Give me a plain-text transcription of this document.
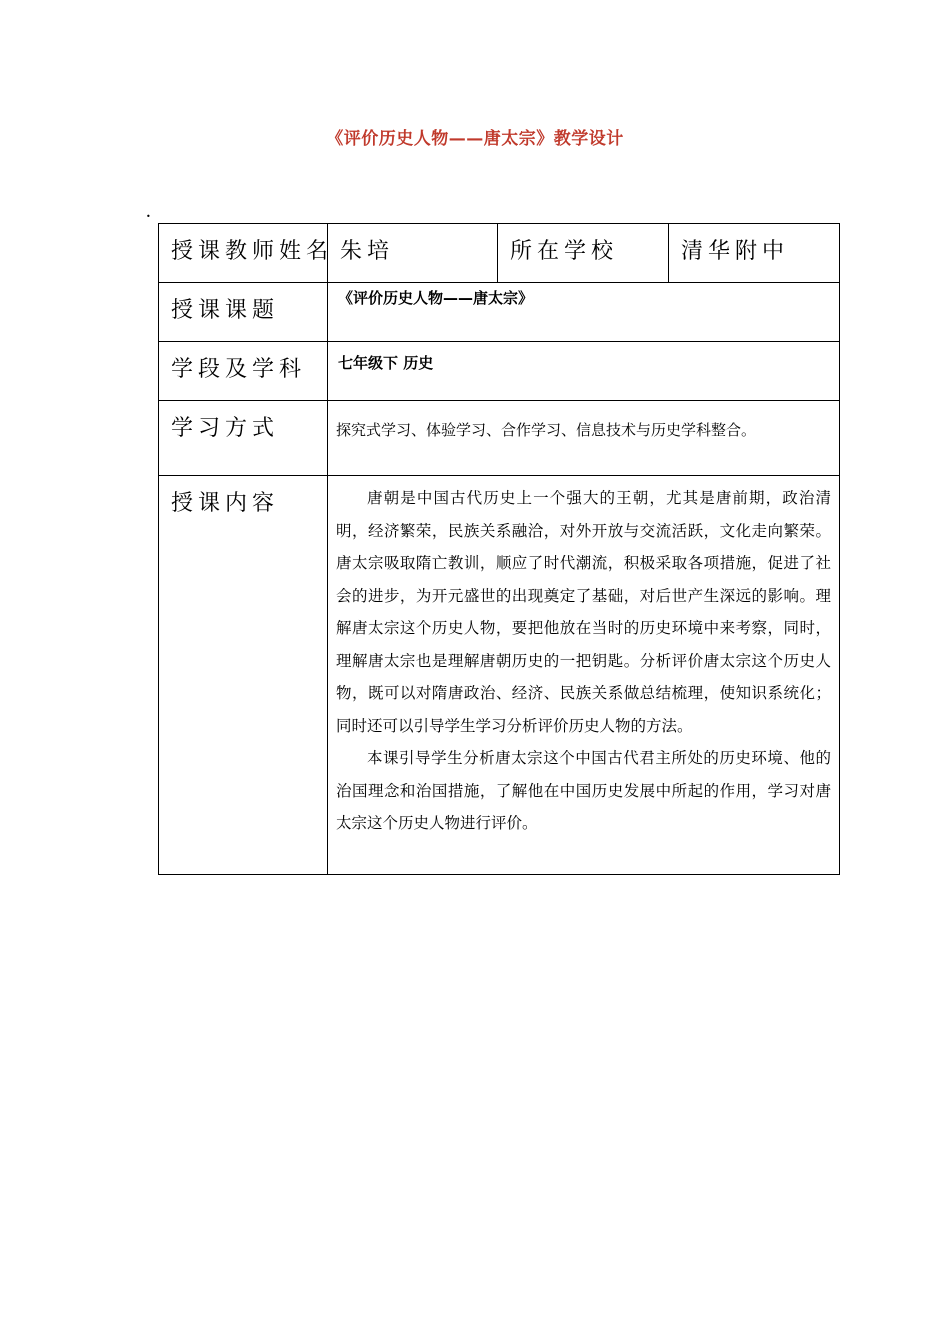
《评价历史人物——唐太宗》教学设计
•
授课教师姓名	朱培	所在学校	清华附中
授课课题	《评价历史人物——唐太宗》		
学段及学科	七年级下 历史		
学习方式	探究式学习、体验学习、合作学习、信息技术与历史学科整合。		
授课内容	唐朝是中国古代历史上一个强大的王朝，尤其是唐前期，政治清明，经济繁荣，民族关系融洽，对外开放与交流活跃，文化走向繁荣。唐太宗吸取隋亡教训，顺应了时代潮流，积极采取各项措施，促进了社会的进步，为开元盛世的出现奠定了基础，对后世产生深远的影响。理解唐太宗这个历史人物，要把他放在当时的历史环境中来考察，同时，理解唐太宗也是理解唐朝历史的一把钥匙。分析评价唐太宗这个历史人物，既可以对隋唐政治、经济、民族关系做总结梳理，使知识系统化；同时还可以引导学生学习分析评价历史人物的方法。

本课引导学生分析唐太宗这个中国古代君主所处的历史环境、他的治国理念和治国措施，了解他在中国历史发展中所起的作用，学习对唐太宗这个历史人物进行评价。		
